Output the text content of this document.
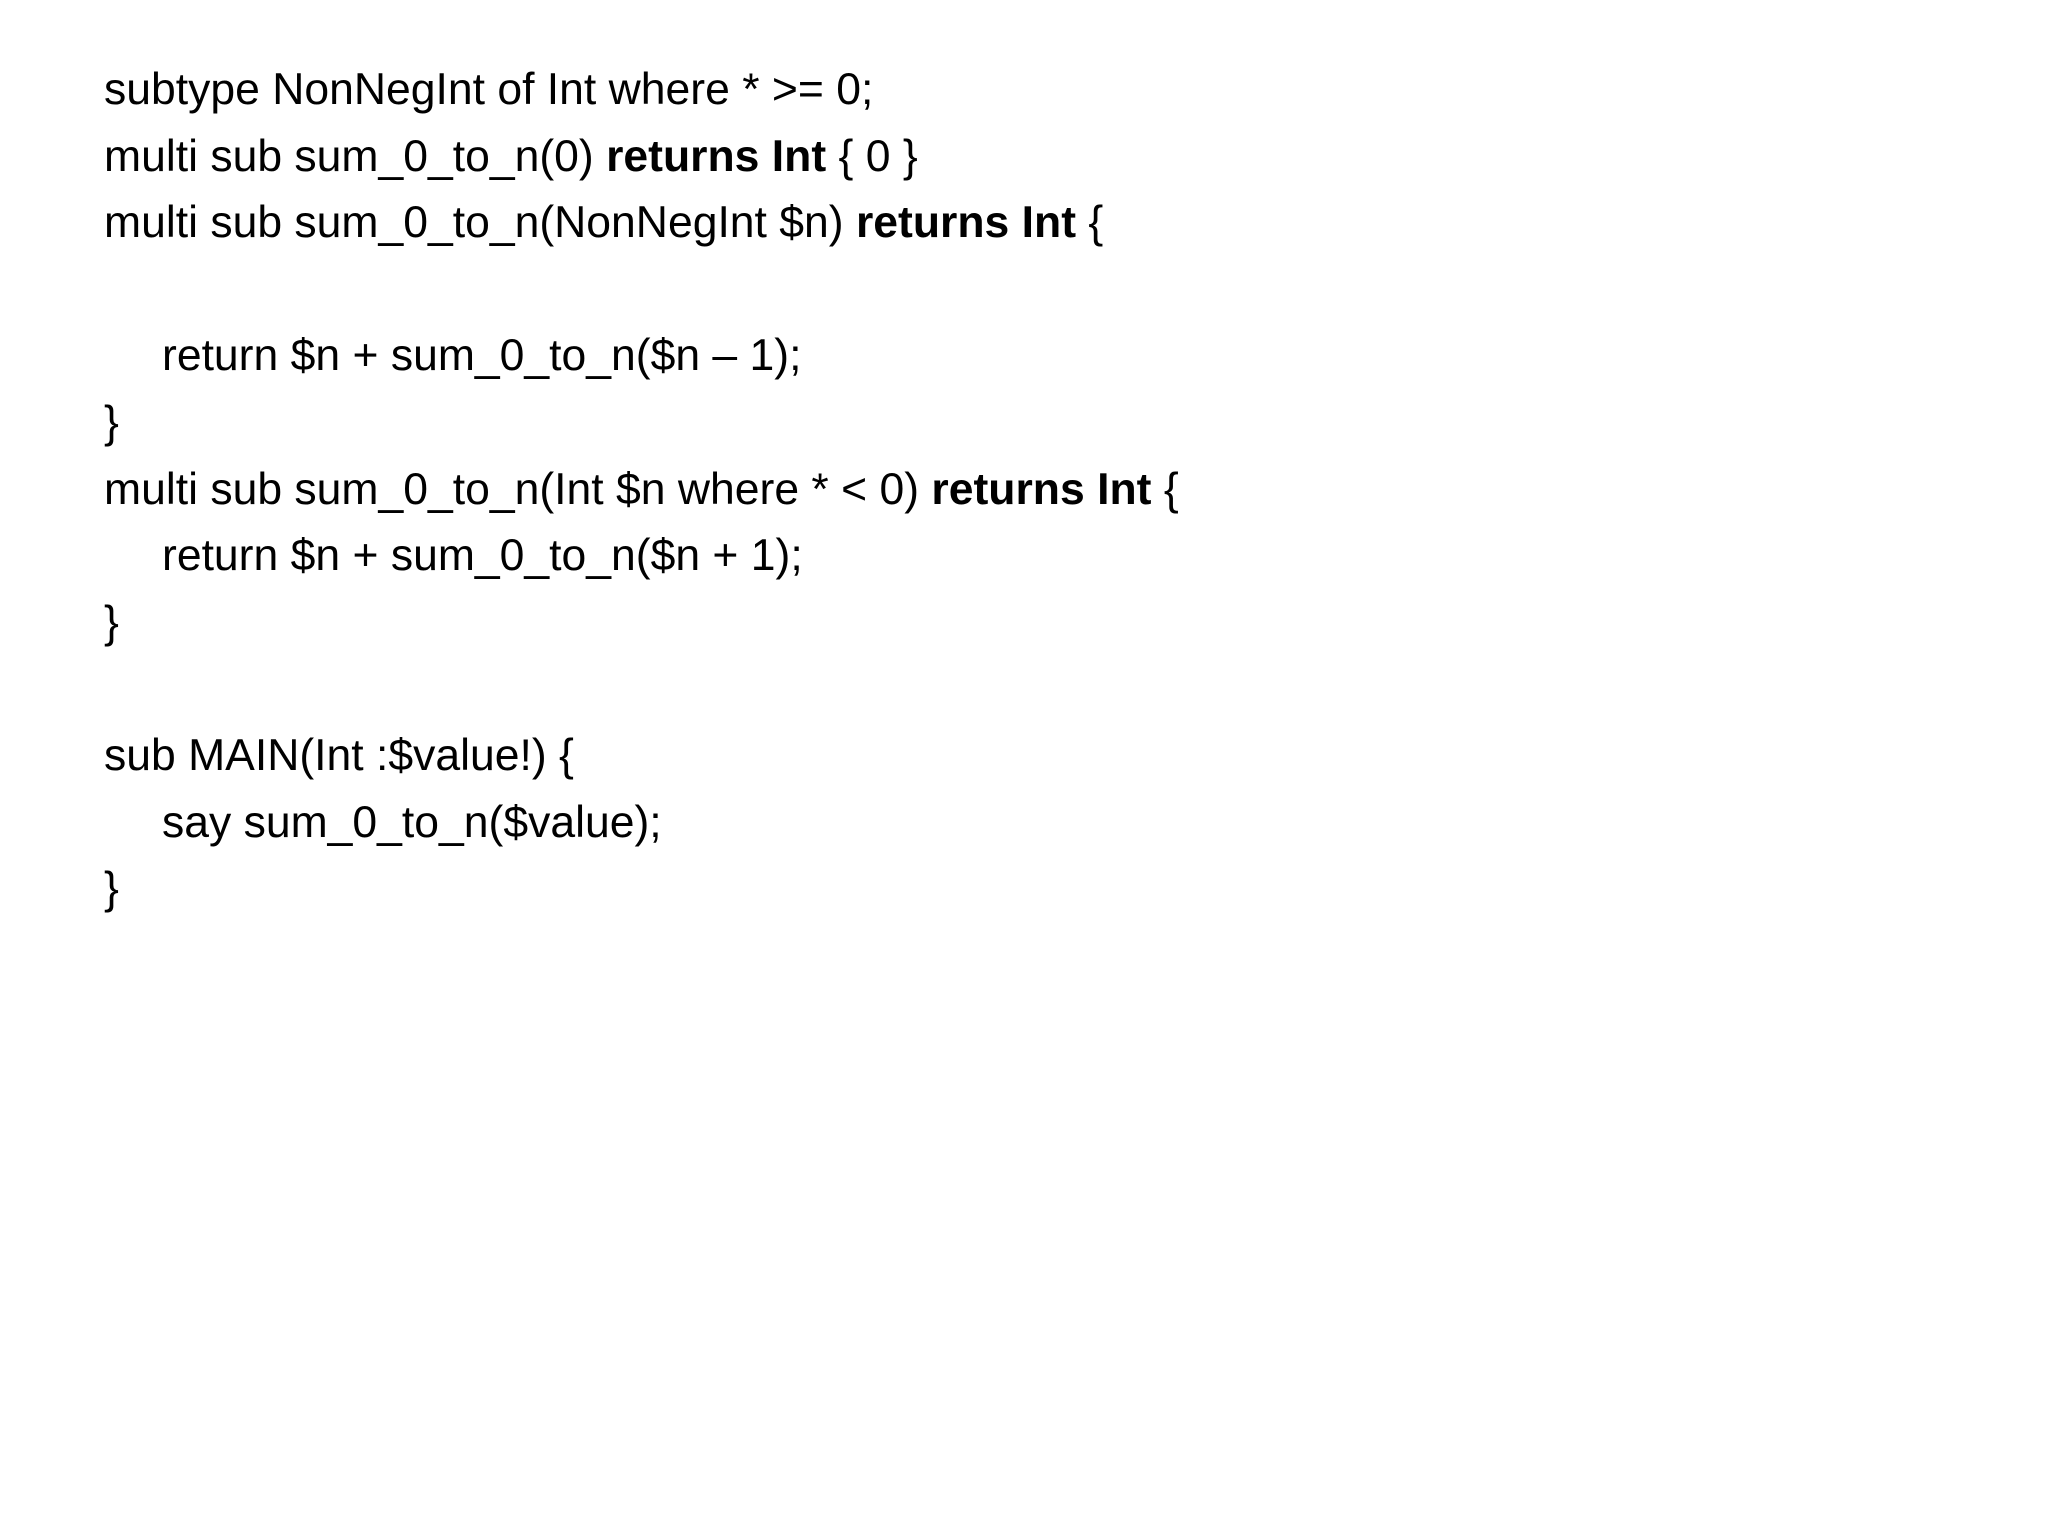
subtype NonNegInt of Int where * >= 0;
multi sub sum_0_to_n(0) returns Int { 0 }
multi sub sum_0_to_n(NonNegInt $n) returns Int {
return $n + sum_0_to_n($n – 1);
}
multi sub sum_0_to_n(Int $n where * < 0) returns Int {
return $n + sum_0_to_n($n + 1);
}
sub MAIN(Int :$value!) {
say sum_0_to_n($value);
}
